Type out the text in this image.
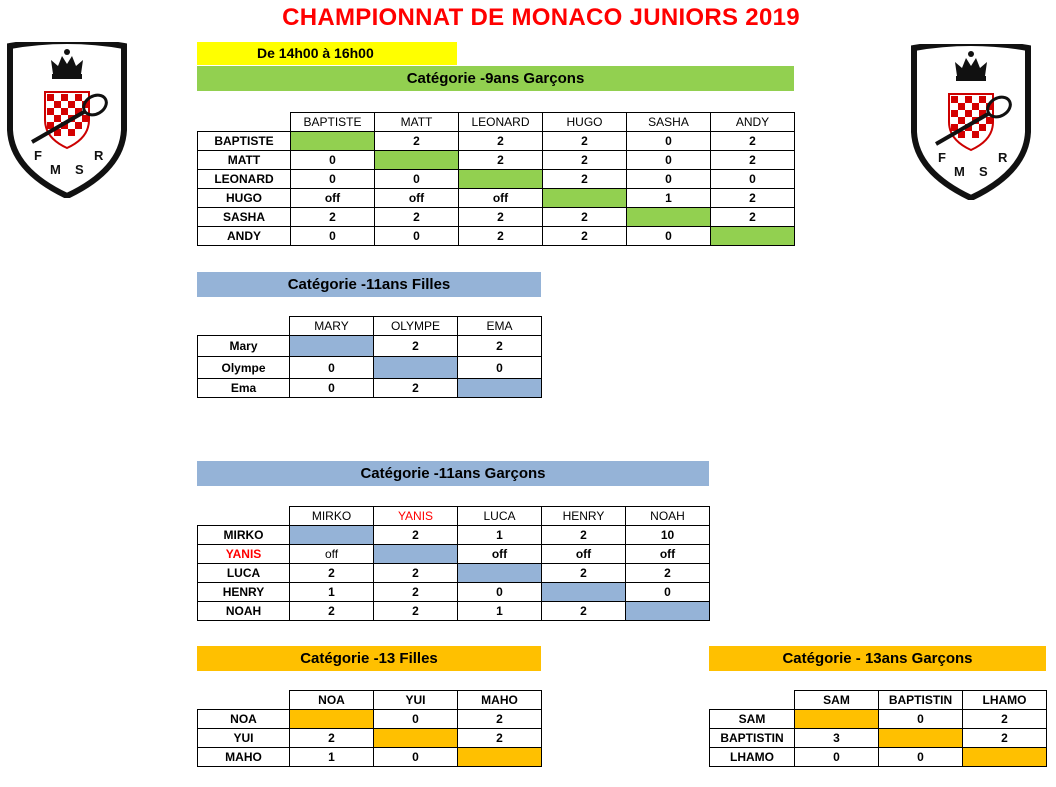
CHAMPIONNAT DE MONACO JUNIORS 2019
F
M S
R	F
M S
R
De 14h00 à 16h00
Catégorie -9ans Garçons
	BAPTISTE	MATT	LEONARD	HUGO	SASHA	ANDY
BAPTISTE		2	2	2	0	2
MATT	0		2	2	0	2
LEONARD	0	0		2	0	0
HUGO	off	off	off		1	2
SASHA	2	2	2	2		2
ANDY	0	0	2	2	0	
Catégorie -11ans Filles
	MARY	OLYMPE	EMA
Mary		2	2
Olympe	0		0
Ema	0	2	
Catégorie -11ans Garçons
	MIRKO	YANIS	LUCA	HENRY	NOAH
MIRKO		2	1	2	10
YANIS	off		off	off	off
LUCA	2	2		2	2
HENRY	1	2	0		0
NOAH	2	2	1	2	
Catégorie -13 Filles
	NOA	YUI	MAHO
NOA		0	2
YUI	2		2
MAHO	1	0	
Catégorie - 13ans Garçons
	SAM	BAPTISTIN	LHAMO
SAM		0	2
BAPTISTIN	3		2
LHAMO	0	0	
